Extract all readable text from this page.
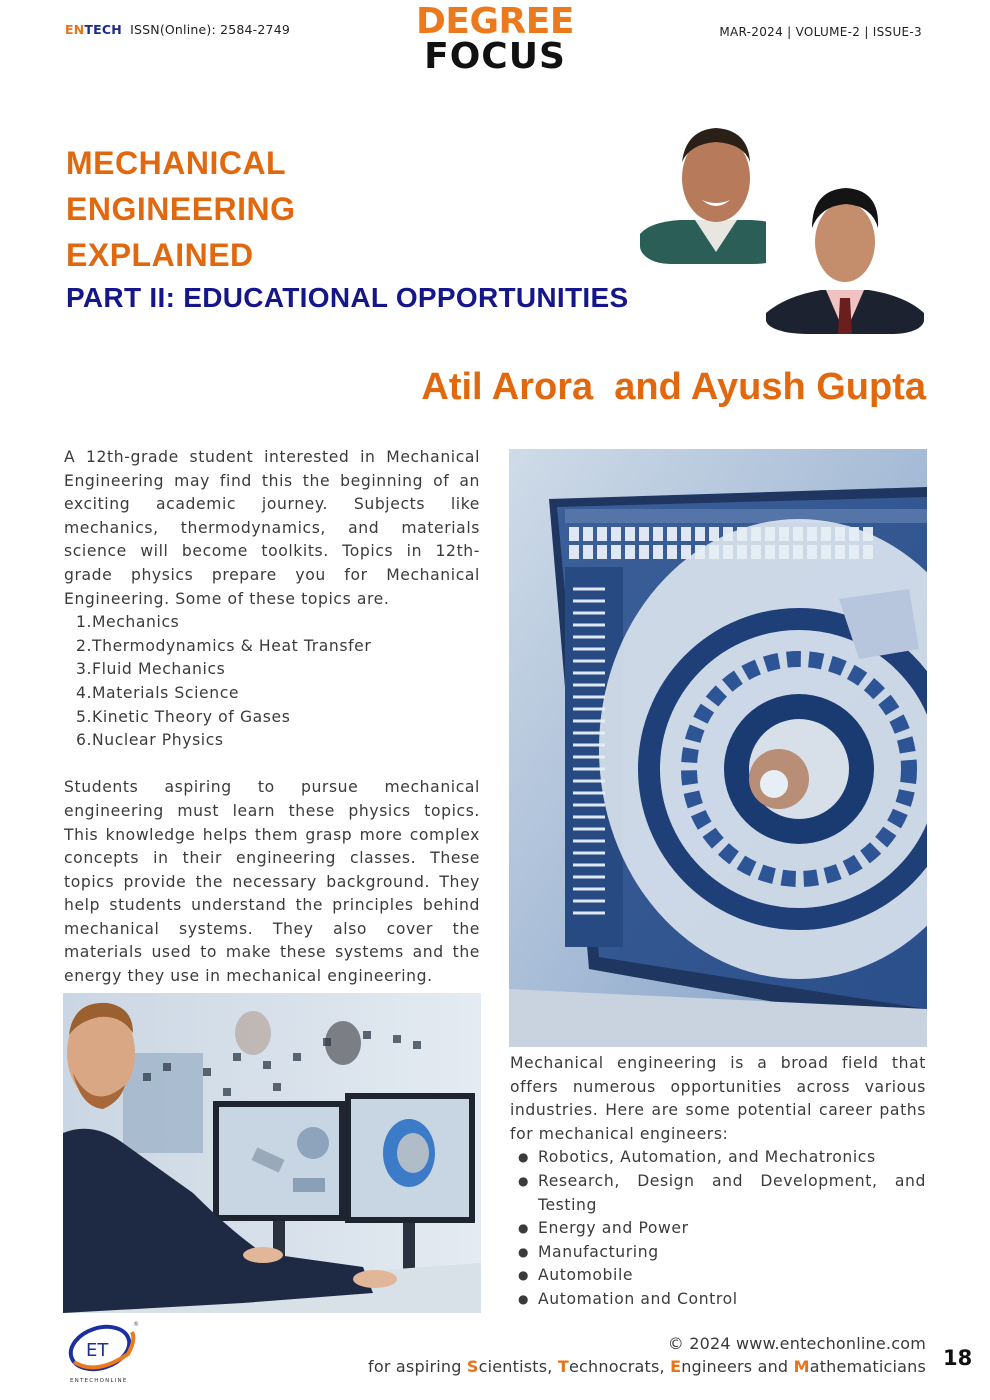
ENTECH ISSN(Online): 2584-2749	DEGREE
FOCUS
MAR-2024 | VOLUME-2 | ISSUE-3
MECHANICAL
ENGINEERING
EXPLAINED
PART II: EDUCATIONAL OPPORTUNITIES
Atil Arora  and Ayush Gupta

A 12th-grade student interested in Mechanical Engineering may find this the beginning of an exciting academic journey. Subjects like mechanics, thermodynamics, and materials science will become toolkits. Topics in 12th-grade physics prepare you for Mechanical Engineering. Some of these topics are.

1. Mechanics
2. Thermodynamics & Heat Transfer
3. Fluid Mechanics
4. Materials Science
5. Kinetic Theory of Gases
6. Nuclear Physics

Students aspiring to pursue mechanical engineering must learn these physics topics. This knowledge helps them grasp more complex concepts in their engineering classes. These topics provide the necessary background. They help students understand the principles behind mechanical systems. They also cover the materials used to make these systems and the energy they use in mechanical engineering.

Mechanical engineering is a broad field that offers numerous opportunities across various industries. Here are some potential career paths for mechanical engineers:

● Robotics, Automation, and Mechatronics
● Research, Design and Development, and Testing
● Energy and Power
● Manufacturing
● Automobile
● Automation and Control
ET
®
ENTECHONLINE
© 2024 www.entechonline.com
for aspiring Scientists, Technocrats, Engineers and Mathematicians 18
